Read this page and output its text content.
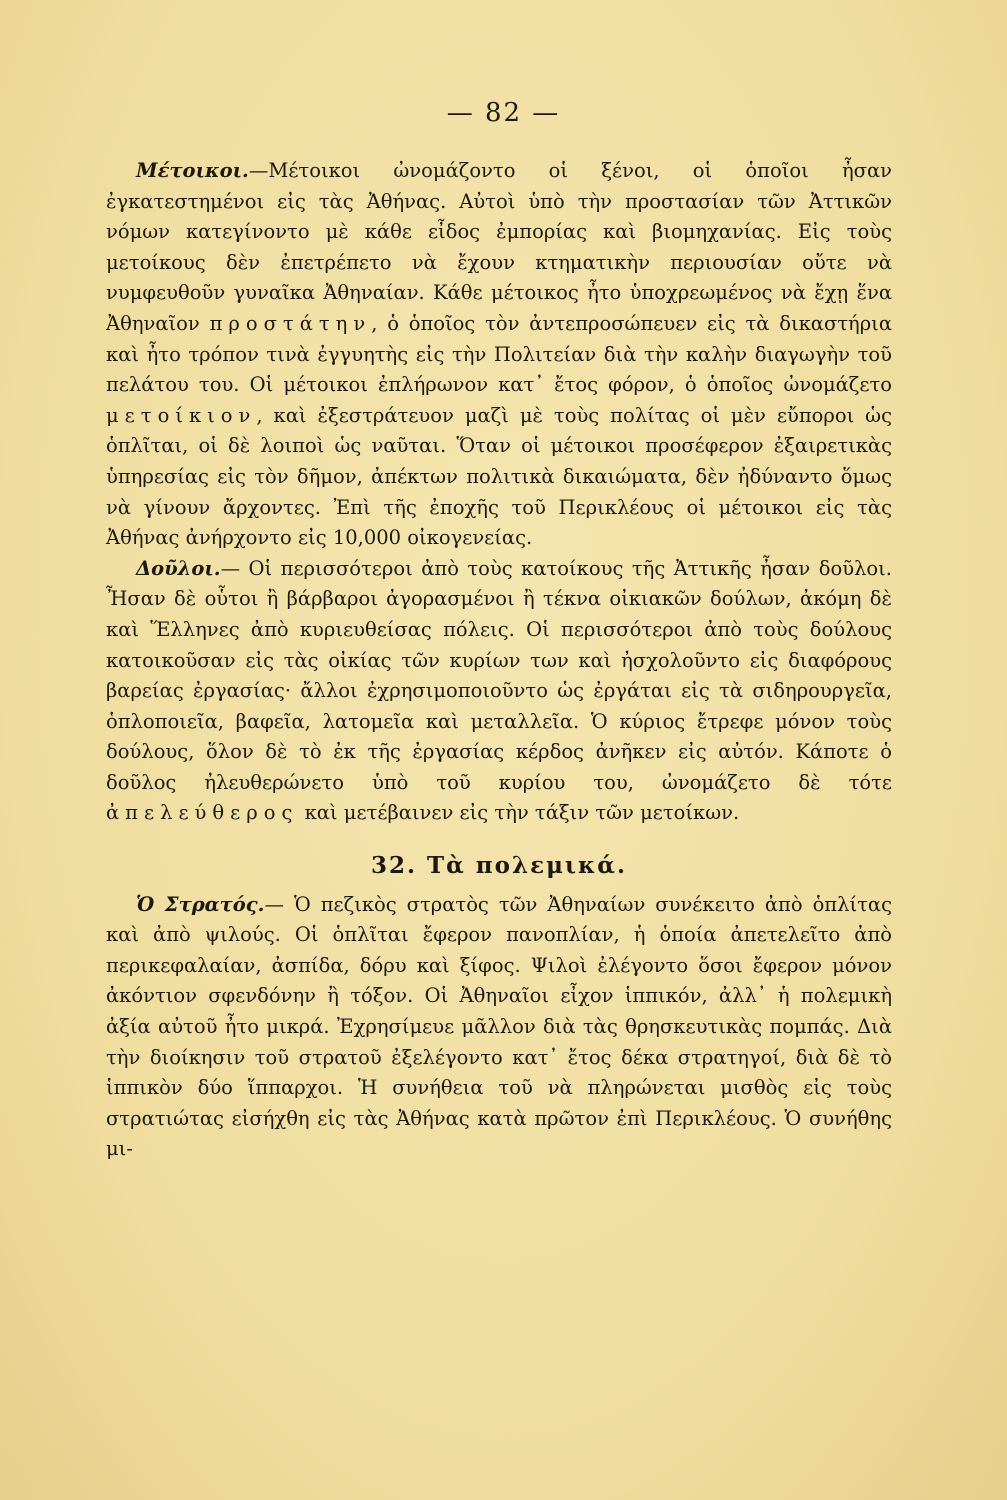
— 82 —

Μέτοικοι.—Μέτοικοι ὠνομάζοντο οἱ ξένοι, οἱ ὁποῖοι ἦσαν ἐγκατεστημένοι εἰς τὰς Ἀθήνας. Αὐτοὶ ὑπὸ τὴν προστασίαν τῶν Ἀττικῶν νόμων κατεγίνοντο μὲ κάθε εἶδος ἐμπορίας καὶ βιομηχανίας. Εἰς τοὺς μετοίκους δὲν ἐπετρέπετο νὰ ἔχουν κτηματικὴν περιουσίαν οὔτε νὰ νυμφευθοῦν γυναῖκα Ἀθηναίαν. Κάθε μέτοικος ἦτο ὑποχρεωμένος νὰ ἔχῃ ἕνα Ἀθηναῖον προστάτην, ὁ ὁποῖος τὸν ἀντεπροσώπευεν εἰς τὰ δικαστήρια καὶ ἦτο τρόπον τινὰ ἐγγυητὴς εἰς τὴν Πολιτείαν διὰ τὴν καλὴν διαγωγὴν τοῦ πελάτου του. Οἱ μέτοικοι ἐπλήρωνον κατ᾽ ἔτος φόρον, ὁ ὁποῖος ὠνομάζετο μετοίκιον, καὶ ἐξεστράτευον μαζὶ μὲ τοὺς πολίτας οἱ μὲν εὔποροι ὡς ὁπλῖται, οἱ δὲ λοιποὶ ὡς ναῦται. Ὅταν οἱ μέτοικοι προσέφερον ἐξαιρετικὰς ὑπηρεσίας εἰς τὸν δῆμον, ἀπέκτων πολιτικὰ δικαιώματα, δὲν ἠδύναντο ὅμως νὰ γίνουν ἄρχοντες. Ἐπὶ τῆς ἐποχῆς τοῦ Περικλέους οἱ μέτοικοι εἰς τὰς Ἀθήνας ἀνήρχοντο εἰς 10,000 οἰκογενείας.

Δοῦλοι.— Οἱ περισσότεροι ἀπὸ τοὺς κατοίκους τῆς Ἀττικῆς ἦσαν δοῦλοι. Ἦσαν δὲ οὗτοι ἢ βάρβαροι ἀγορασμένοι ἢ τέκνα οἰκιακῶν δούλων, ἀκόμη δὲ καὶ Ἕλληνες ἀπὸ κυριευθείσας πόλεις. Οἱ περισσότεροι ἀπὸ τοὺς δούλους κατοικοῦσαν εἰς τὰς οἰκίας τῶν κυρίων των καὶ ἠσχολοῦντο εἰς διαφόρους βαρείας ἐργασίας· ἄλλοι ἐχρησιμοποιοῦντο ὡς ἐργάται εἰς τὰ σιδηρουργεῖα, ὁπλοποιεῖα, βαφεῖα, λατομεῖα καὶ μεταλλεῖα. Ὁ κύριος ἔτρεφε μόνον τοὺς δούλους, ὅλον δὲ τὸ ἐκ τῆς ἐργασίας κέρδος ἀνῆκεν εἰς αὐτόν. Κάποτε ὁ δοῦλος ἠλευθερώνετο ὑπὸ τοῦ κυρίου του, ὠνομάζετο δὲ τότε ἀπελεύθερος καὶ μετέβαινεν εἰς τὴν τάξιν τῶν μετοίκων.

32. Τὰ πολεμικά.

Ὁ Στρατός.— Ὁ πεζικὸς στρατὸς τῶν Ἀθηναίων συνέκειτο ἀπὸ ὁπλίτας καὶ ἀπὸ ψιλούς. Οἱ ὁπλῖται ἔφερον πανοπλίαν, ἡ ὁποία ἀπετελεῖτο ἀπὸ περικεφαλαίαν, ἀσπίδα, δόρυ καὶ ξίφος. Ψιλοὶ ἐλέγοντο ὅσοι ἔφερον μόνον ἀκόντιον σφενδόνην ἢ τόξον. Οἱ Ἀθηναῖοι εἶχον ἱππικόν, ἀλλ᾽ ἡ πολεμικὴ ἀξία αὐτοῦ ἦτο μικρά. Ἐχρησίμευε μᾶλλον διὰ τὰς θρησκευτικὰς πομπάς. Διὰ τὴν διοίκησιν τοῦ στρατοῦ ἐξελέγοντο κατ᾽ ἔτος δέκα στρατηγοί, διὰ δὲ τὸ ἱππικὸν δύο ἵππαρχοι. Ἡ συνήθεια τοῦ νὰ πληρώνεται μισθὸς εἰς τοὺς στρατιώτας εἰσήχθη εἰς τὰς Ἀθήνας κατὰ πρῶτον ἐπὶ Περικλέους. Ὁ συνήθης μι-
